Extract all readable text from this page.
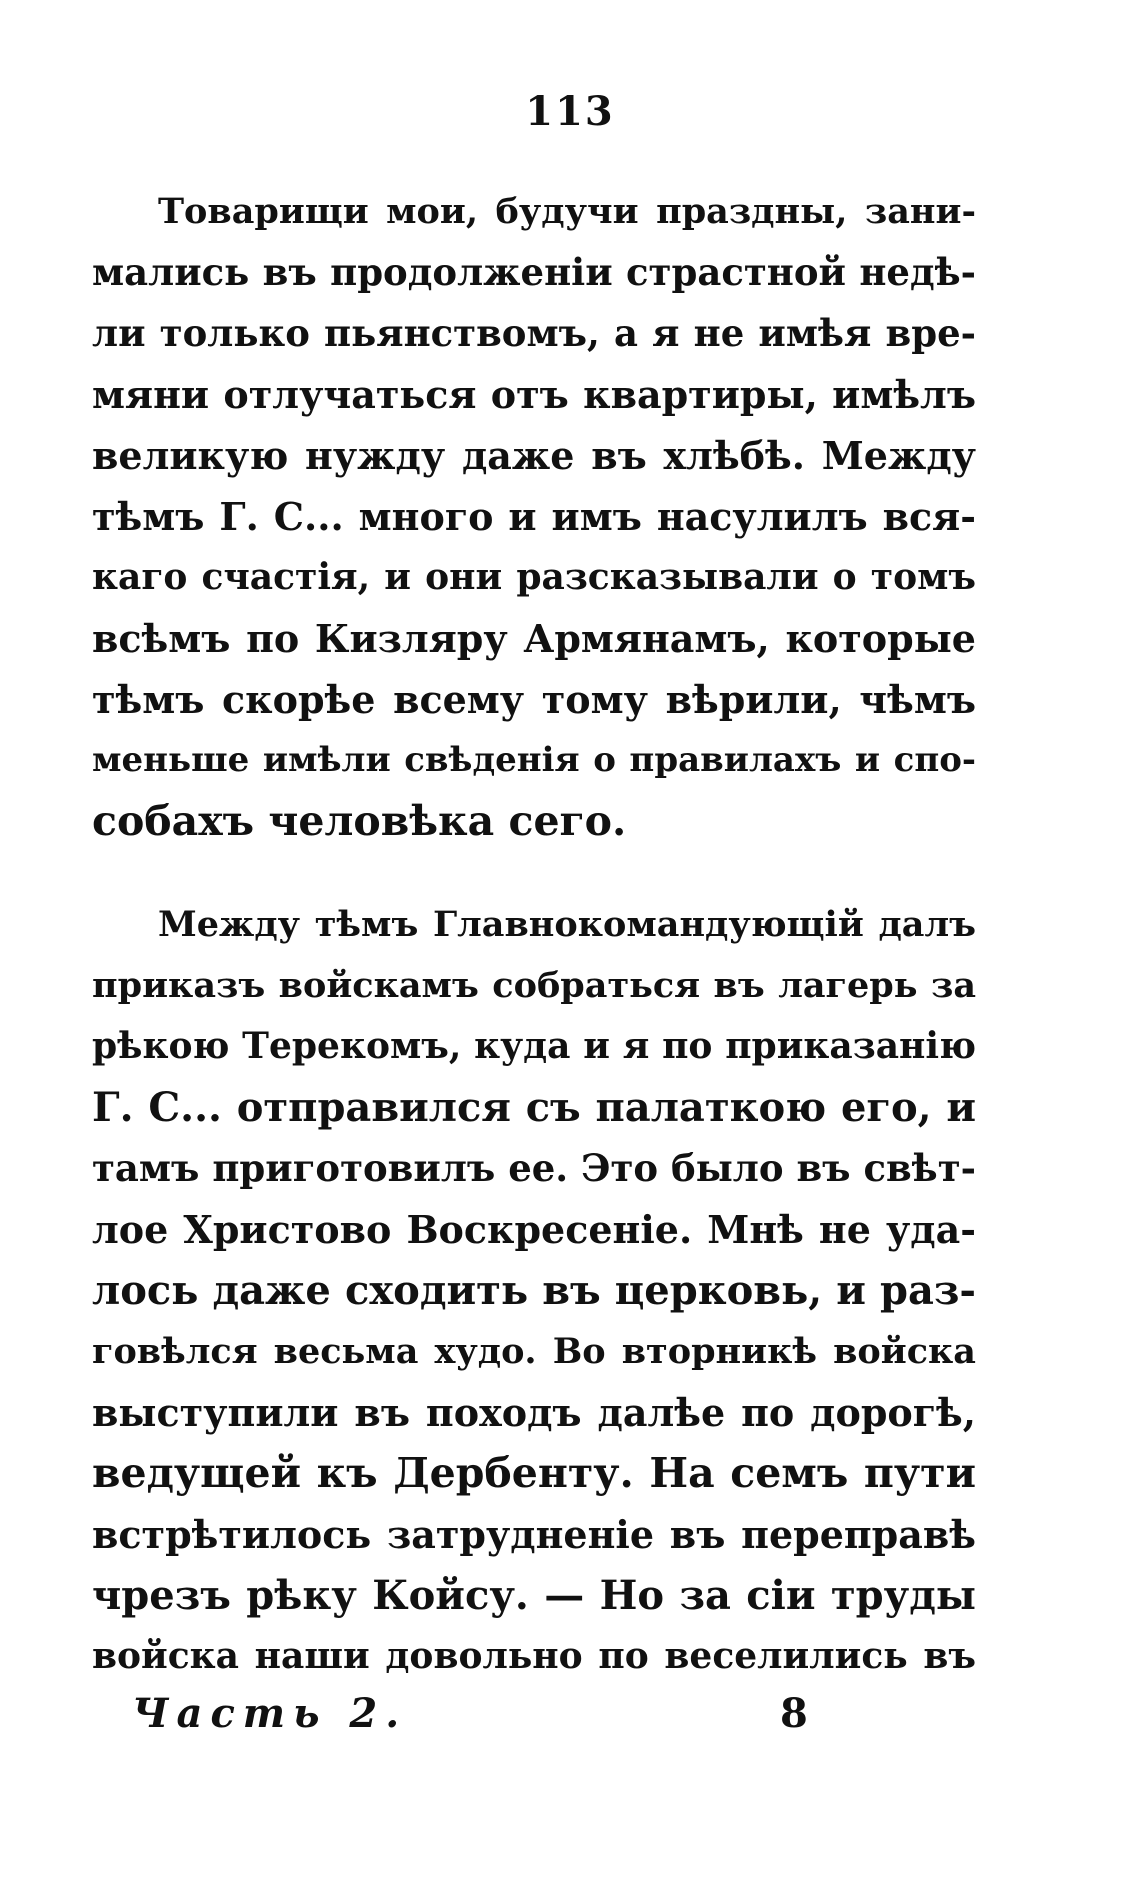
113
Товарищи мои, будучи праздны, зани-
мались въ продолженіи страстной недѣ-
ли только пьянствомъ, а я не имѣя вре-
мяни отлучаться отъ квартиры, имѣлъ
великую нужду даже въ хлѣбѣ. Между
тѣмъ Г. С... много и имъ насулилъ вся-
каго счастія, и они разсказывали о томъ
всѣмъ по Кизляру Армянамъ, которые
тѣмъ скорѣе всему тому вѣрили, чѣмъ
меньше имѣли свѣденія о правилахъ и спо-
собахъ человѣка сего.
Между тѣмъ Главнокомандующій далъ
приказъ войскамъ собраться въ лагерь за
рѣкою Терекомъ, куда и я по приказанію
Г. С... отправился съ палаткою его, и
тамъ приготовилъ ее. Это было въ свѣт-
лое Христово Воскресеніе. Мнѣ не уда-
лось даже сходить въ церковь, и раз-
говѣлся весьма худо. Во вторникѣ войска
выступили въ походъ далѣе по дорогѣ,
ведущей къ Дербенту. На семъ пути
встрѣтилось затрудненіе въ переправѣ
чрезъ рѣку Койсу. — Но за сіи труды
войска наши довольно по веселились въ
Часть 2.	8
